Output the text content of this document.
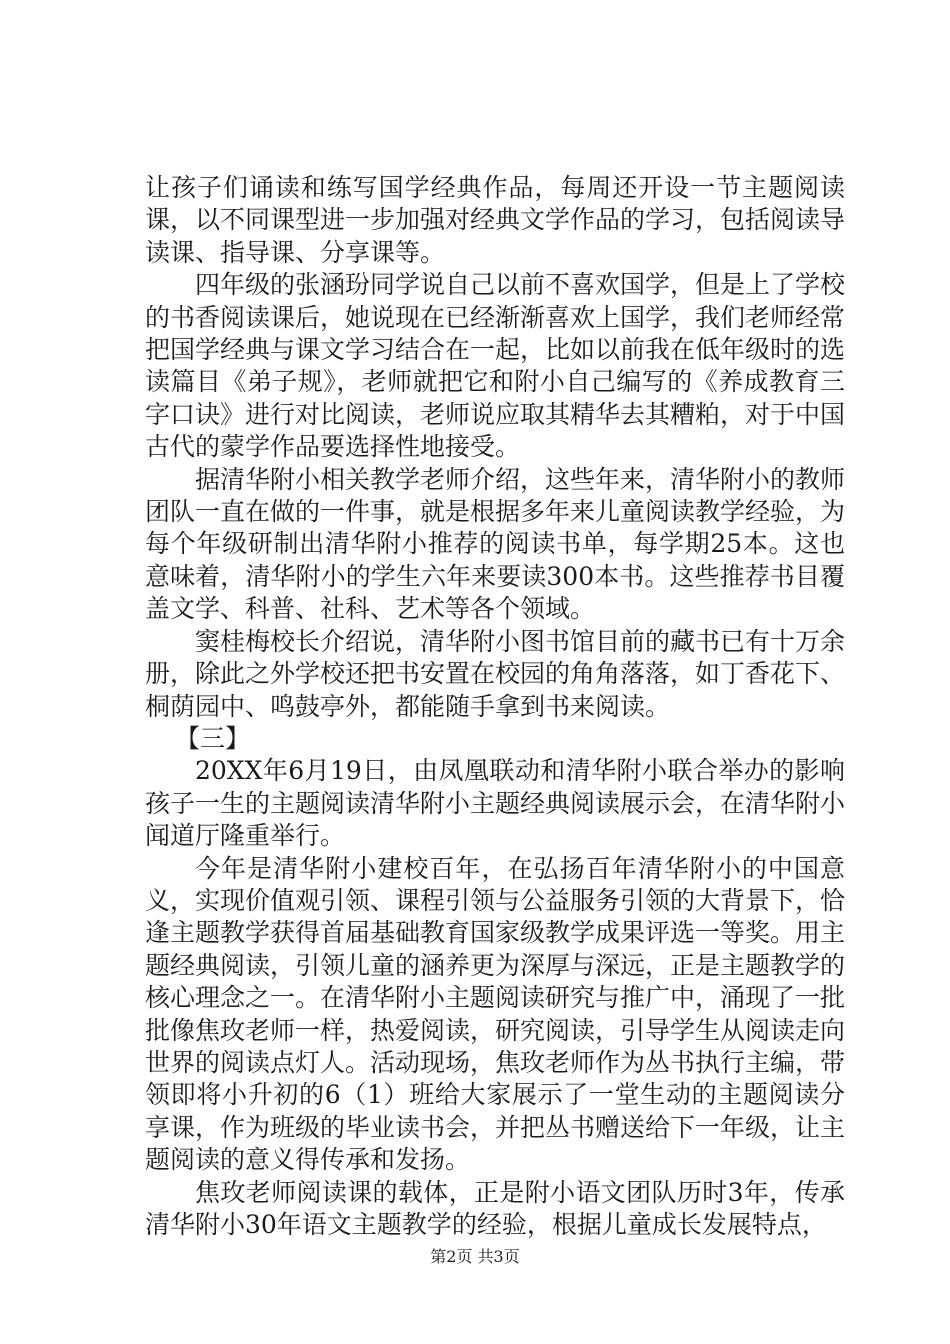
让孩子们诵读和练写国学经典作品，每周还开设一节主题阅读课，以不同课型进一步加强对经典文学作品的学习，包括阅读导读课、指导课、分享课等。

四年级的张涵玢同学说自己以前不喜欢国学，但是上了学校的书香阅读课后，她说现在已经渐渐喜欢上国学，我们老师经常把国学经典与课文学习结合在一起，比如以前我在低年级时的选读篇目《弟子规》，老师就把它和附小自己编写的《养成教育三字口诀》进行对比阅读，老师说应取其精华去其糟粕，对于中国古代的蒙学作品要选择性地接受。

据清华附小相关教学老师介绍，这些年来，清华附小的教师团队一直在做的一件事，就是根据多年来儿童阅读教学经验，为每个年级研制出清华附小推荐的阅读书单，每学期25本。这也意味着，清华附小的学生六年来要读300本书。这些推荐书目覆盖文学、科普、社科、艺术等各个领域。

窦桂梅校长介绍说，清华附小图书馆目前的藏书已有十万余册，除此之外学校还把书安置在校园的角角落落，如丁香花下、桐荫园中、鸣鼓亭外，都能随手拿到书来阅读。

【三】

20XX年6月19日，由凤凰联动和清华附小联合举办的影响孩子一生的主题阅读清华附小主题经典阅读展示会，在清华附小闻道厅隆重举行。

今年是清华附小建校百年，在弘扬百年清华附小的中国意义，实现价值观引领、课程引领与公益服务引领的大背景下，恰逢主题教学获得首届基础教育国家级教学成果评选一等奖。用主题经典阅读，引领儿童的涵养更为深厚与深远，正是主题教学的核心理念之一。在清华附小主题阅读研究与推广中，涌现了一批批像焦玫老师一样，热爱阅读，研究阅读，引导学生从阅读走向世界的阅读点灯人。活动现场，焦玫老师作为丛书执行主编，带领即将小升初的6（1）班给大家展示了一堂生动的主题阅读分享课，作为班级的毕业读书会，并把丛书赠送给下一年级，让主题阅读的意义得传承和发扬。

焦玫老师阅读课的载体，正是附小语文团队历时3年，传承清华附小30年语文主题教学的经验，根据儿童成长发展特点，

第2页 共3页
